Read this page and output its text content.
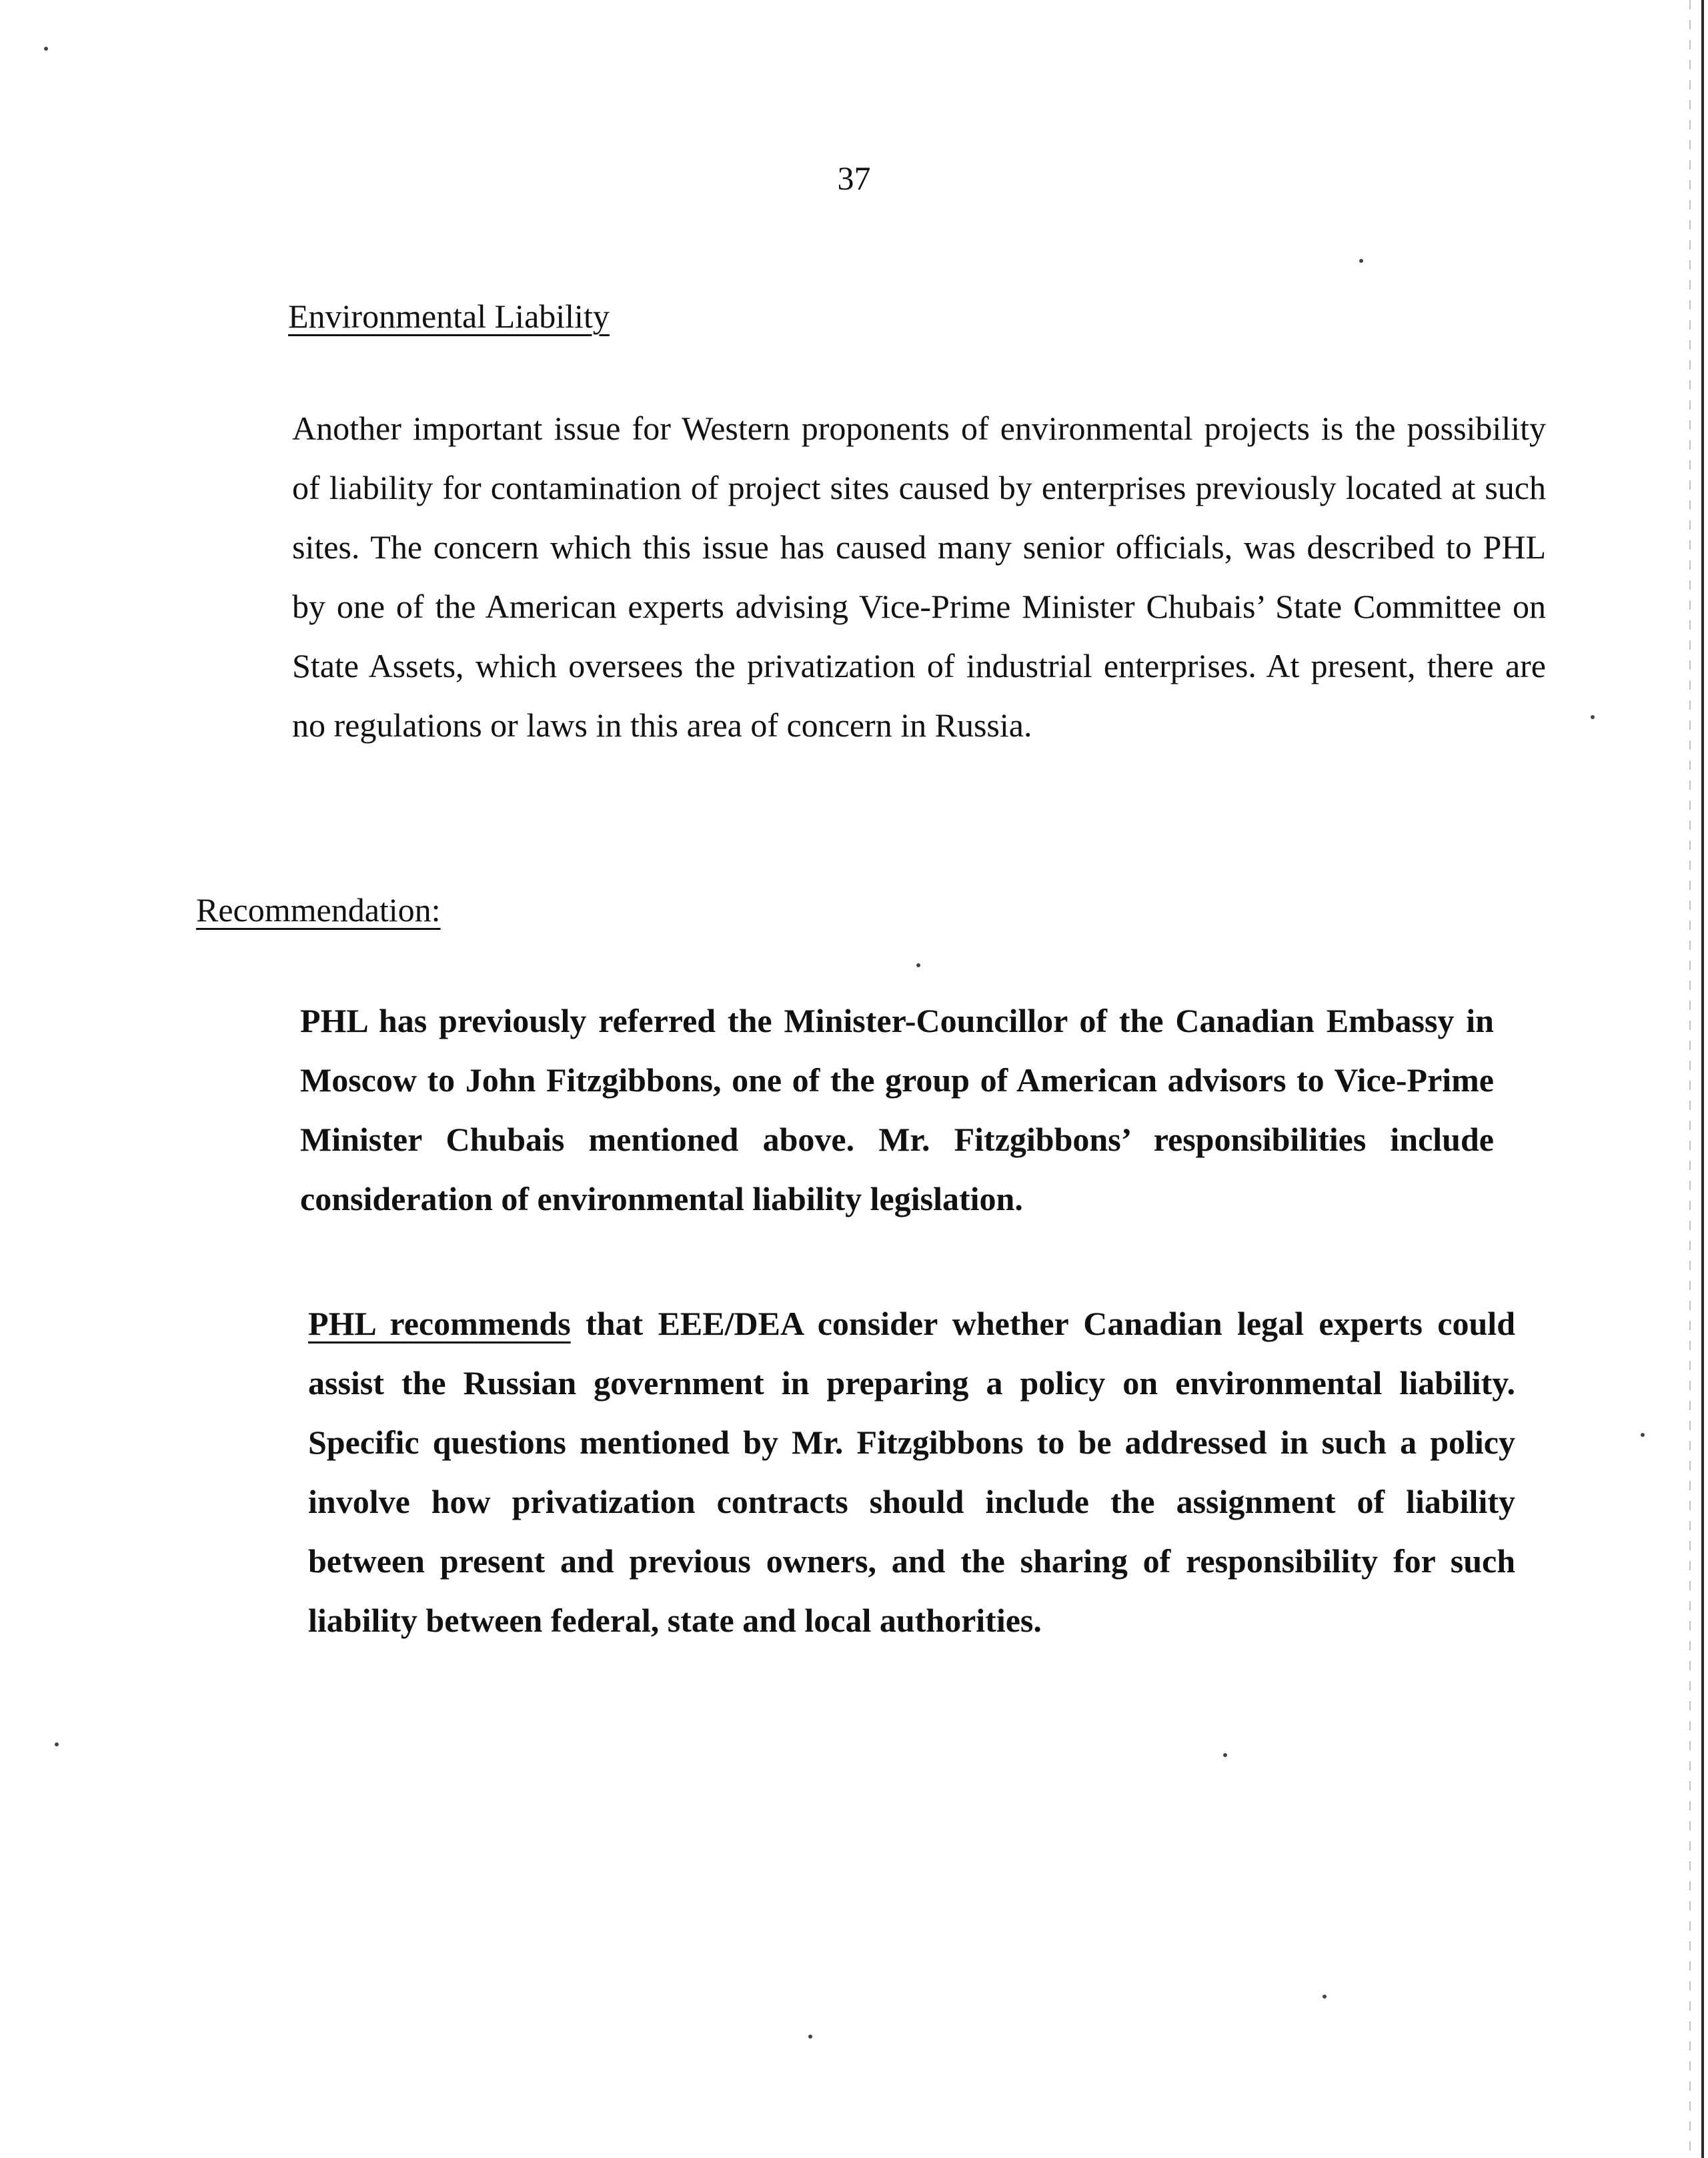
37
Environmental Liability

Another important issue for Western proponents of environmental projects is the possibility of liability for contamination of project sites caused by enterprises previously located at such sites. The concern which this issue has caused many senior officials, was described to PHL by one of the American experts advising Vice-Prime Minister Chubais’ State Committee on State Assets, which oversees the privatization of industrial enterprises. At present, there are no regulations or laws in this area of concern in Russia.

Recommendation:

PHL has previously referred the Minister-Councillor of the Canadian Embassy in Moscow to John Fitzgibbons, one of the group of American advisors to Vice-Prime Minister Chubais mentioned above. Mr. Fitzgibbons’ responsibilities include consideration of environmental liability legislation.

PHL recommends that EEE/DEA consider whether Canadian legal experts could assist the Russian government in preparing a policy on environmental liability. Specific questions mentioned by Mr. Fitzgibbons to be addressed in such a policy involve how privatization contracts should include the assignment of liability between present and previous owners, and the sharing of responsibility for such liability between federal, state and local authorities.
